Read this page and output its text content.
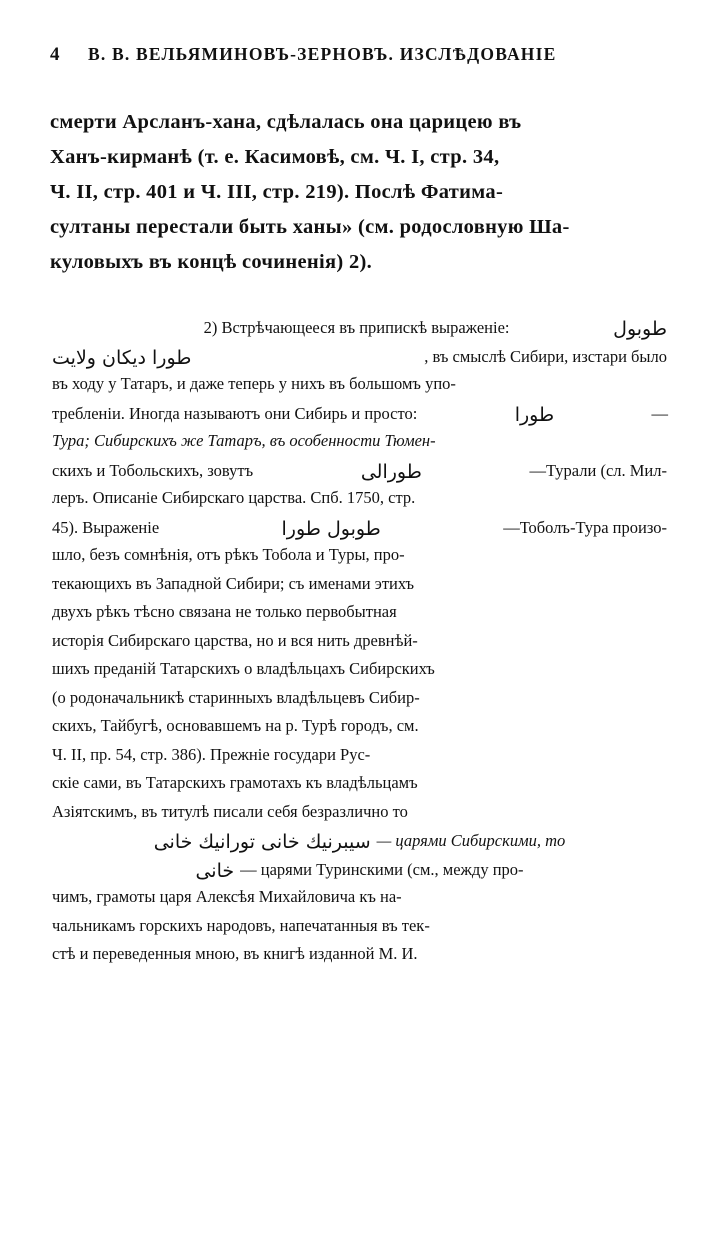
4	В. В. ВЕЛЬЯМИНОВЪ-ЗЕРНОВЪ. ИЗСЛѢДОВАНIE
смерти Арсланъ-хана, сдѣлалась она царицею въ
Ханъ-кирманѣ (т. е. Касимовѣ, см. Ч. I, стр. 34,
Ч. II, стр. 401 и Ч. III, стр. 219). Послѣ Фатима-
султаны перестали быть ханы» (см. родословную Ша-
куловыхъ въ концѣ сочиненія) 2).
2) Встрѣчающееся въ припискѣ выраженіе:	طوبول
طورا ديكان ولايت	, въ смыслѣ Сибири, изстари было
въ ходу у Татаръ, и даже теперь у нихъ въ большомъ упо-
требленіи. Иногда называютъ они Сибирь и просто:	طورا	—
Тура; Сибирскихъ же Татаръ, въ особенности Тюмен-
скихъ и Тобольскихъ, зовутъ	طورالى	—Турали (сл. Мил-
леръ. Описаніе Сибирскаго царства. Спб. 1750, стр.
45). Выраженіе	طوبول طورا	—Тоболъ-Тура произо-
шло, безъ сомнѣнія, отъ рѣкъ Тобола и Туры, про-
текающихъ въ Западной Сибири; съ именами этихъ
двухъ рѣкъ тѣсно связана не только первобытная
исторія Сибирскаго царства, но и вся нить древнѣй-
шихъ преданій Татарскихъ о владѣльцахъ Сибирскихъ
(о родоначальникѣ старинныхъ владѣльцевъ Сибир-
скихъ, Тайбугѣ, основавшемъ на р. Турѣ городъ, см.
Ч. II, пр. 54, стр. 386). Прежніе государи Рус-
скіе сами, въ Татарскихъ грамотахъ къ владѣльцамъ
Азіятскимъ, въ титулѣ писали себя безразлично то
تورانيك خانى سيبرنيك خانى — царями Сибирскими, то
خانى — царями Туринскими (см., между про-
чимъ, грамоты царя Алексѣя Михайловича къ на-
чальникамъ горскихъ народовъ, напечатанныя въ тек-
стѣ и переведенныя мною, въ книгѣ изданной М. И.
